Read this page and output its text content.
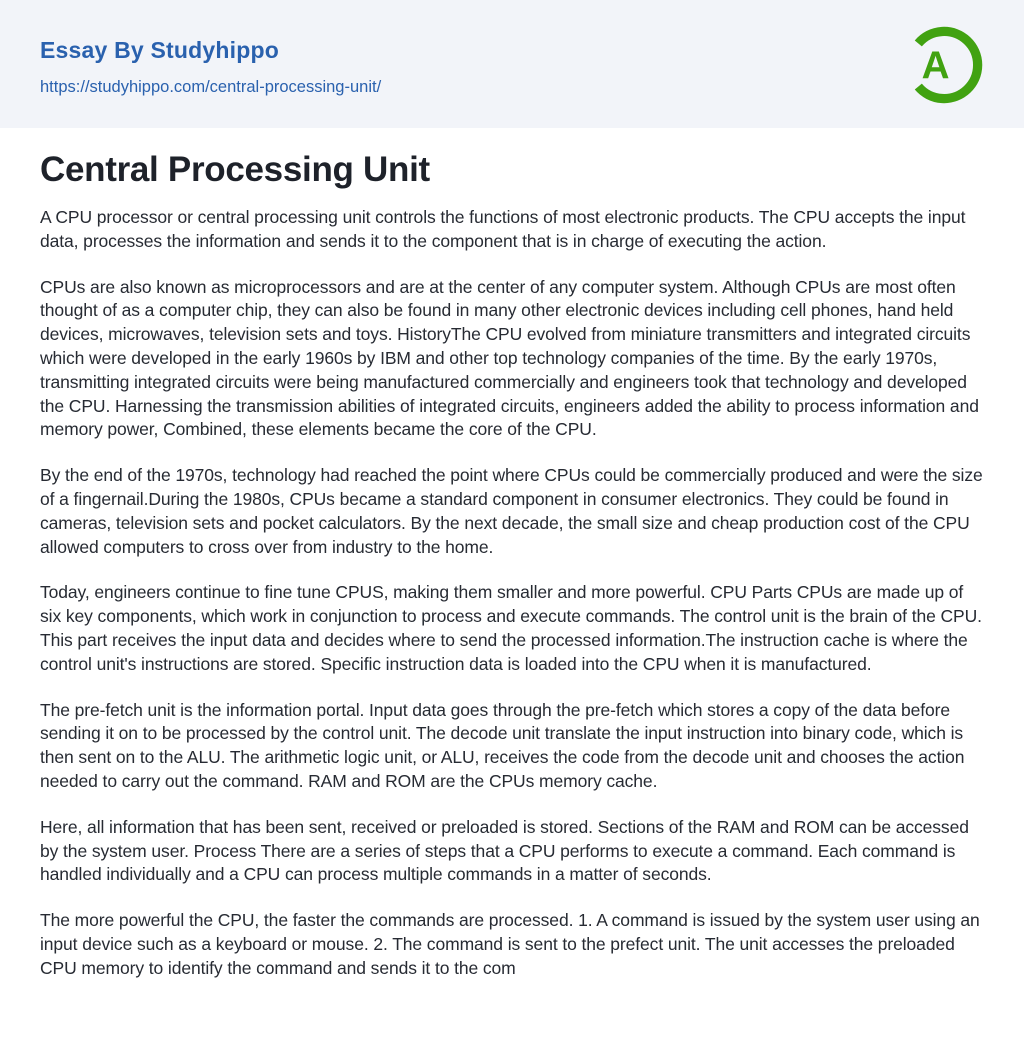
Essay By Studyhippo
https://studyhippo.com/central-processing-unit/	A
Central Processing Unit

A CPU processor or central processing unit controls the functions of most electronic products. The CPU accepts the input data, processes the information and sends it to the component that is in charge of executing the action.

CPUs are also known as microprocessors and are at the center of any computer system. Although CPUs are most often thought of as a computer chip, they can also be found in many other electronic devices including cell phones, hand held devices, microwaves, television sets and toys. HistoryThe CPU evolved from miniature transmitters and integrated circuits which were developed in the early 1960s by IBM and other top technology companies of the time. By the early 1970s, transmitting integrated circuits were being manufactured commercially and engineers took that technology and developed the CPU. Harnessing the transmission abilities of integrated circuits, engineers added the ability to process information and memory power, Combined, these elements became the core of the CPU.

By the end of the 1970s, technology had reached the point where CPUs could be commercially produced and were the size of a fingernail.During the 1980s, CPUs became a standard component in consumer electronics. They could be found in cameras, television sets and pocket calculators. By the next decade, the small size and cheap production cost of the CPU allowed computers to cross over from industry to the home.

Today, engineers continue to fine tune CPUS, making them smaller and more powerful. CPU Parts CPUs are made up of six key components, which work in conjunction to process and execute commands. The control unit is the brain of the CPU. This part receives the input data and decides where to send the processed information.The instruction cache is where the control unit's instructions are stored. Specific instruction data is loaded into the CPU when it is manufactured.

The pre-fetch unit is the information portal. Input data goes through the pre-fetch which stores a copy of the data before sending it on to be processed by the control unit. The decode unit translate the input instruction into binary code, which is then sent on to the ALU. The arithmetic logic unit, or ALU, receives the code from the decode unit and chooses the action needed to carry out the command. RAM and ROM are the CPUs memory cache.

Here, all information that has been sent, received or preloaded is stored. Sections of the RAM and ROM can be accessed by the system user. Process There are a series of steps that a CPU performs to execute a command. Each command is handled individually and a CPU can process multiple commands in a matter of seconds.

The more powerful the CPU, the faster the commands are processed. 1. A command is issued by the system user using an input device such as a keyboard or mouse. 2. The command is sent to the prefect unit. The unit accesses the preloaded CPU memory to identify the command and sends it to the com
